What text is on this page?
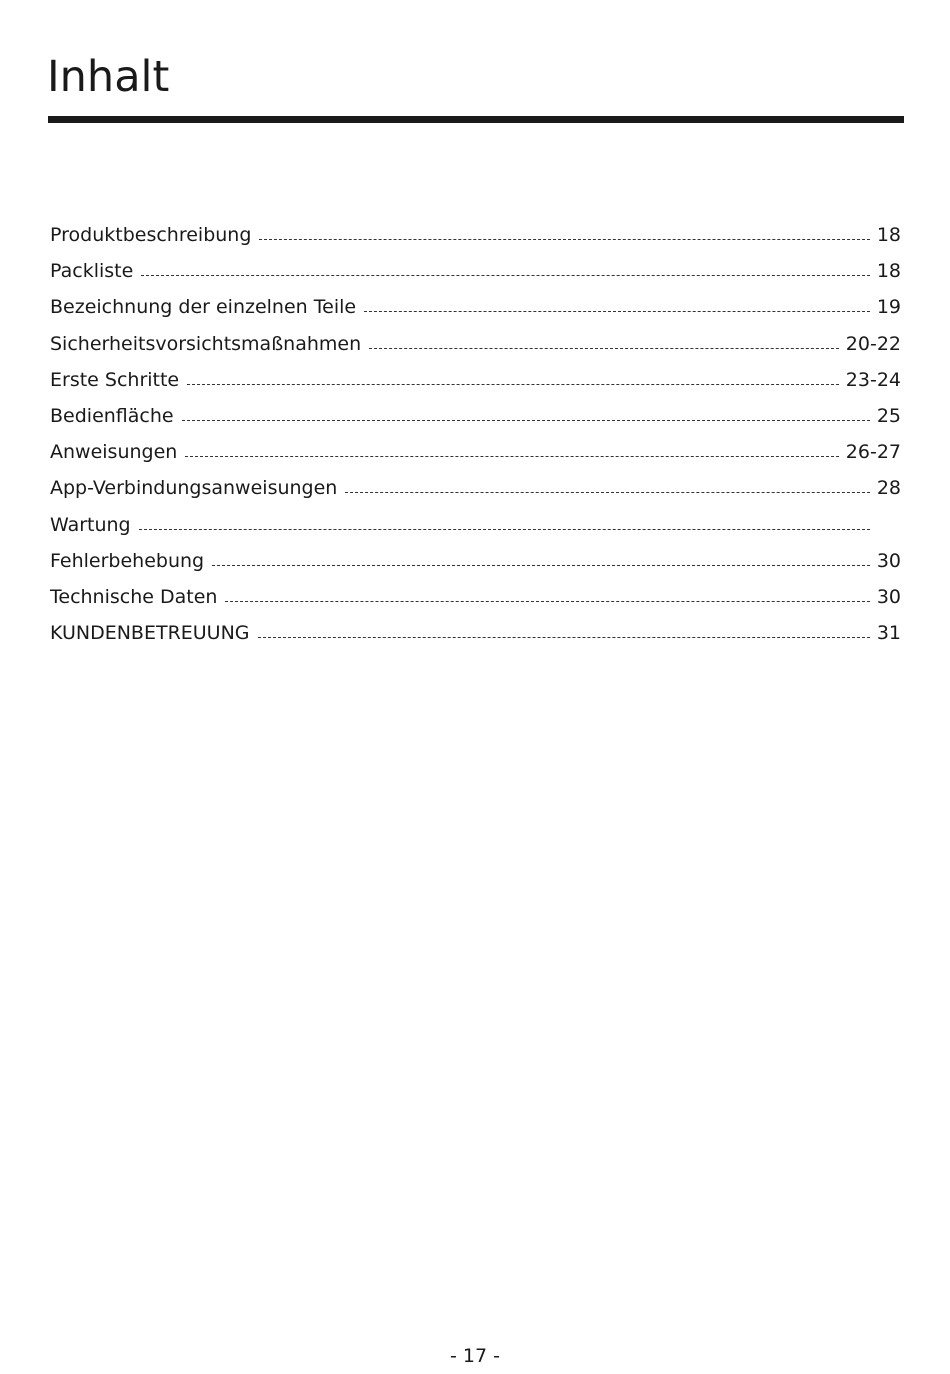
Inhalt
Produktbeschreibung	18
Packliste	18
Bezeichnung der einzelnen Teile	19
Sicherheitsvorsichtsmaßnahmen	20-22
Erste Schritte	23-24
Bedienfläche	25
Anweisungen	26-27
App-Verbindungsanweisungen	28
Wartung
Fehlerbehebung	30
Technische Daten	30
KUNDENBETREUUNG	31
- 17 -
